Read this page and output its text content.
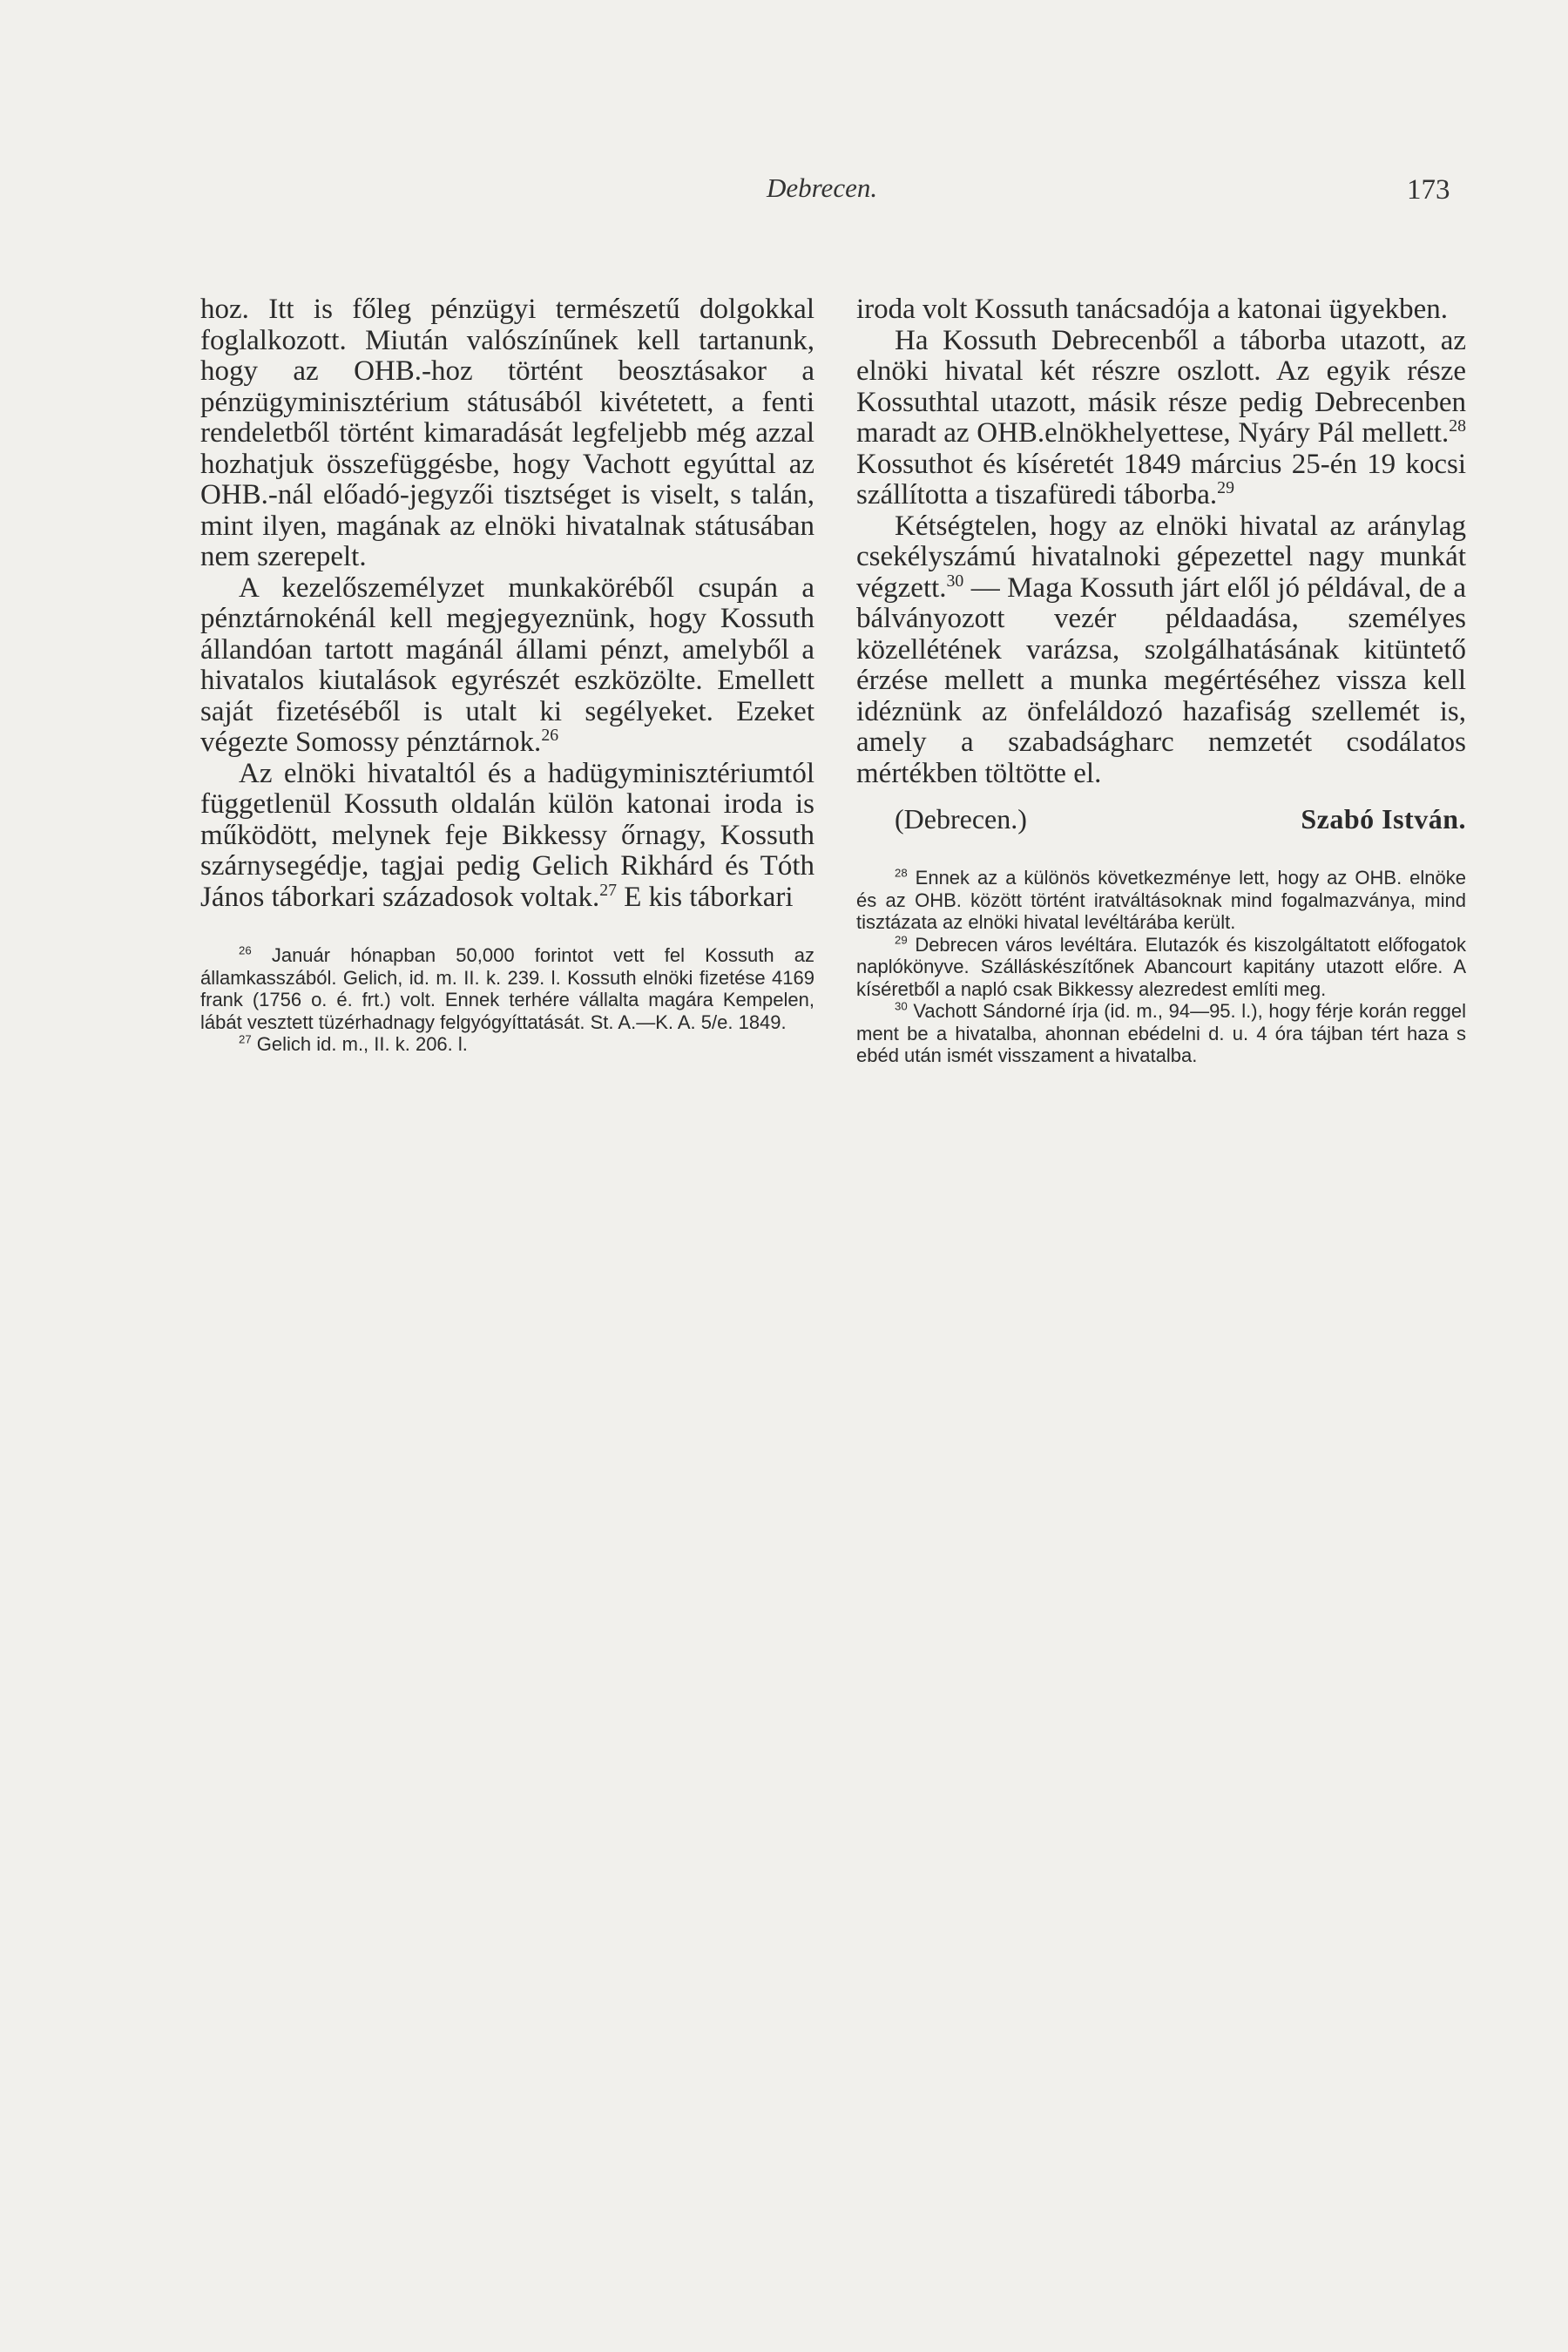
Debrecen.	173

hoz. Itt is főleg pénzügyi természetű dolgokkal foglalkozott. Miután valószínűnek kell tartanunk, hogy az OHB.-hoz történt beosztásakor a pénzügyminisztérium státusából kivétetett, a fenti rendeletből történt kimaradását legfeljebb még azzal hozhatjuk összefüggésbe, hogy Vachott egyúttal az OHB.-nál előadó-jegyzői tisztséget is viselt, s talán, mint ilyen, magának az elnöki hivatalnak státusában nem szerepelt.

A kezelőszemélyzet munkaköréből csupán a pénztárnokénál kell megjegyeznünk, hogy Kossuth állandóan tartott magánál állami pénzt, amelyből a hivatalos kiutalások egyrészét eszközölte. Emellett saját fizetéséből is utalt ki segélyeket. Ezeket végezte Somossy pénztárnok.$^{26}$

Az elnöki hivataltól és a hadügyminisztériumtól függetlenül Kossuth oldalán külön katonai iroda is működött, melynek feje Bikkessy őrnagy, Kossuth szárnysegédje, tagjai pedig Gelich Rikhárd és Tóth János táborkari századosok voltak.$^{27}$ E kis táborkari

$^{26}$ Január hónapban 50,000 forintot vett fel Kossuth az államkasszából. Gelich, id. m. II. k. 239. l. Kossuth elnöki fizetése 4169 frank (1756 o. é. frt.) volt. Ennek terhére vállalta magára Kempelen, lábát vesztett tüzérhadnagy felgyógyíttatását. St. A.—K. A. 5/e. 1849.

$^{27}$ Gelich id. m., II. k. 206. l.

iroda volt Kossuth tanácsadója a katonai ügyekben.

Ha Kossuth Debrecenből a táborba utazott, az elnöki hivatal két részre oszlott. Az egyik része Kossuthtal utazott, másik része pedig Debrecenben maradt az OHB.elnökhelyettese, Nyáry Pál mellett.$^{28}$ Kossuthot és kíséretét 1849 március 25-én 19 kocsi szállította a tiszafüredi táborba.$^{29}$

Kétségtelen, hogy az elnöki hivatal az aránylag csekélyszámú hivatalnoki gépezettel nagy munkát végzett.$^{30}$ — Maga Kossuth járt elől jó példával, de a bálványozott vezér példaadása, személyes közellétének varázsa, szolgálhatásának kitüntető érzése mellett a munka megértéséhez vissza kell idéznünk az önfeláldozó hazafiság szellemét is, amely a szabadságharc nemzetét csodálatos mértékben töltötte el.

(Debrecen.)	Szabó István.

$^{28}$ Ennek az a különös következménye lett, hogy az OHB. elnöke és az OHB. között történt iratváltásoknak mind fogalmazványa, mind tisztázata az elnöki hivatal levéltárába került.

$^{29}$ Debrecen város levéltára. Elutazók és kiszolgáltatott előfogatok naplókönyve. Szálláskészítőnek Abancourt kapitány utazott előre. A kíséretből a napló csak Bikkessy alezredest említi meg.

$^{30}$ Vachott Sándorné írja (id. m., 94—95. l.), hogy férje korán reggel ment be a hivatalba, ahonnan ebédelni d. u. 4 óra tájban tért haza s ebéd után ismét visszament a hivatalba.
